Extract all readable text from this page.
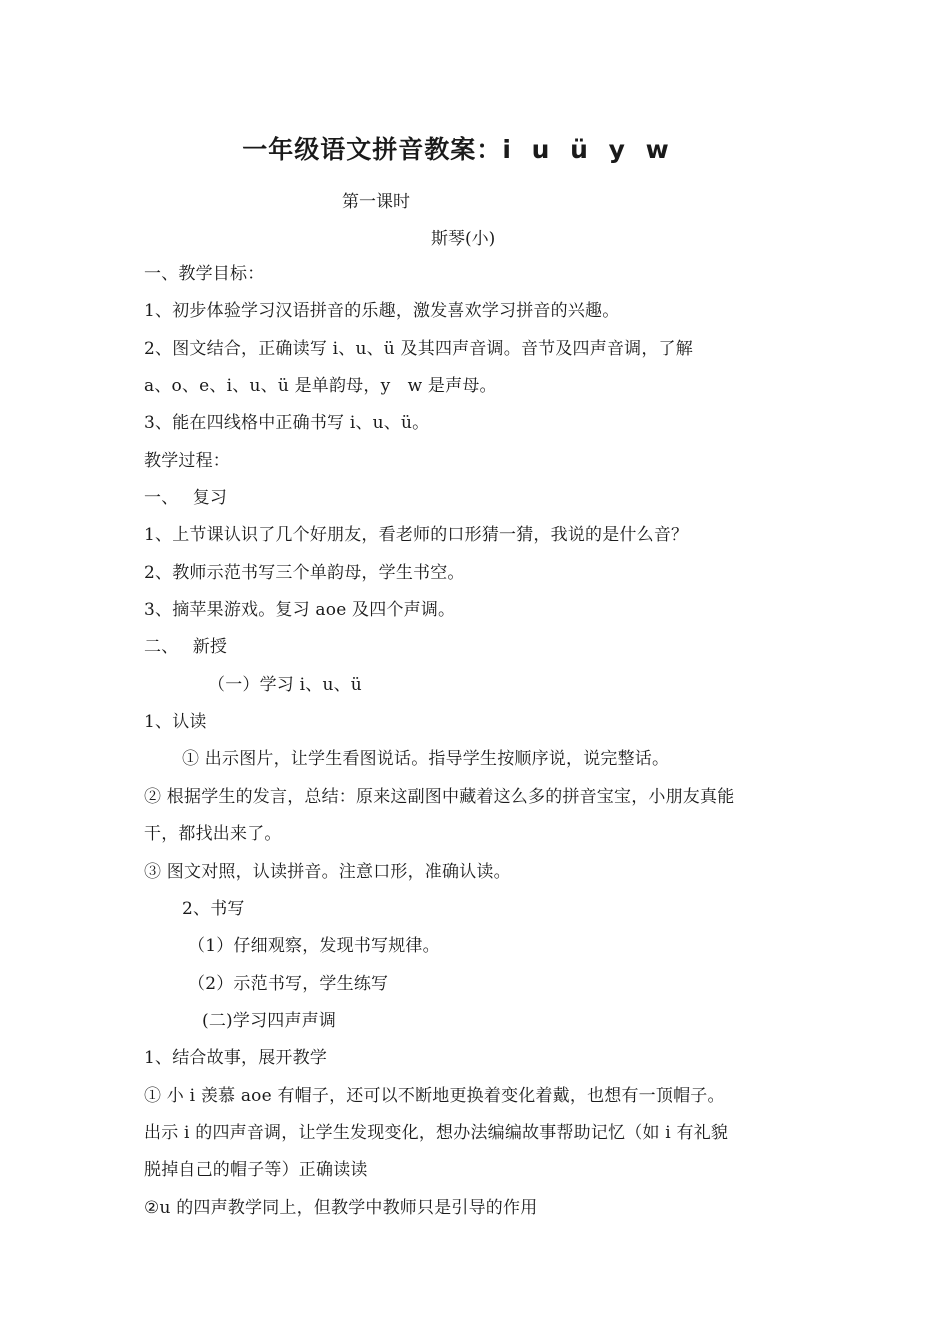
一年级语文拼音教案：i u ü y w

第一课时

斯琴(小)

一、教学目标：
1、初步体验学习汉语拼音的乐趣，激发喜欢学习拼音的兴趣。
2、图文结合，正确读写 i、u、ü 及其四声音调。音节及四声音调，了解
a、o、e、i、u、ü 是单韵母，y　w 是声母。
3、能在四线格中正确书写 i、u、ü。
教学过程：
一、　 复习
1、上节课认识了几个好朋友，看老师的口形猜一猜，我说的是什么音？
2、教师示范书写三个单韵母，学生书空。
3、摘苹果游戏。复习 aoe 及四个声调。
二、　 新授
（一）学习 i、u、ü
1、认读
① 出示图片，让学生看图说话。指导学生按顺序说，说完整话。
② 根据学生的发言，总结：原来这副图中藏着这么多的拼音宝宝，小朋友真能
干，都找出来了。
③ 图文对照，认读拼音。注意口形，准确认读。
2、书写
（1）仔细观察，发现书写规律。
（2）示范书写，学生练写
(二)学习四声声调
1、结合故事，展开教学
① 小 i 羡慕 aoe 有帽子，还可以不断地更换着变化着戴，也想有一顶帽子。
出示 i 的四声音调，让学生发现变化，想办法编编故事帮助记忆（如 i 有礼貌
脱掉自己的帽子等）正确读读
②u 的四声教学同上，但教学中教师只是引导的作用
